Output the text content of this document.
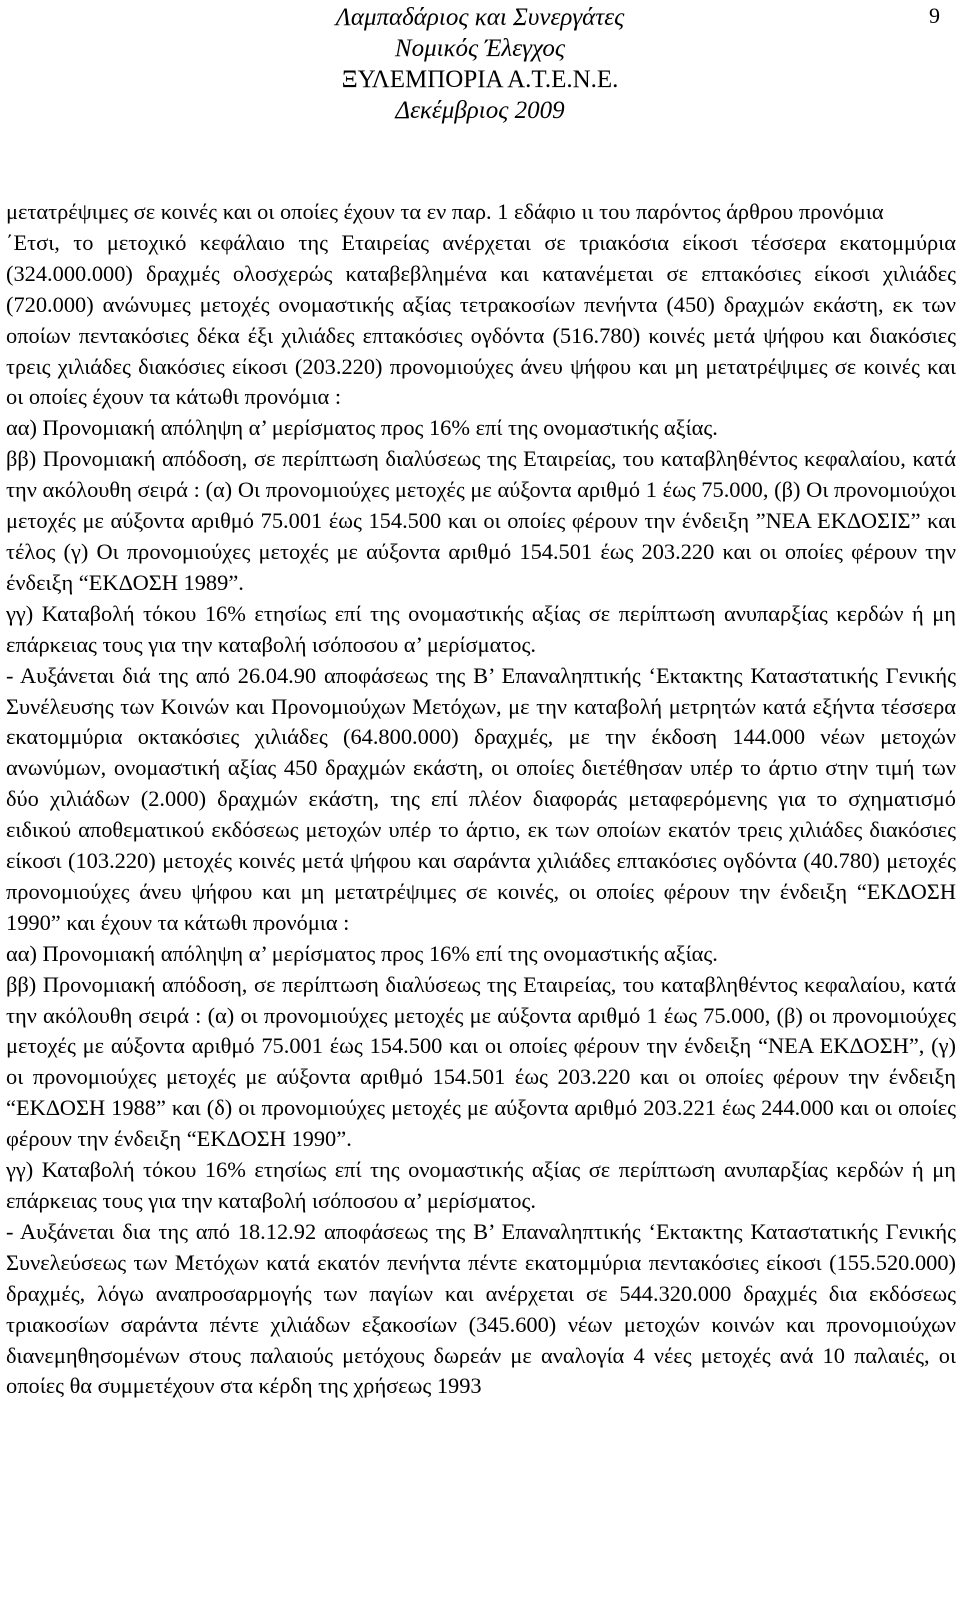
Λαμπαδάριος και Συνεργάτες
Νομικός Έλεγχος
ΞΥΛΕΜΠΟΡΙΑ Α.Τ.Ε.Ν.Ε.
Δεκέμβριος 2009
9

μετατρέψιμες σε κοινές και οι οποίες έχουν τα εν παρ. 1 εδάφιο ιι του παρόντος άρθρου προνόμια

΄Ετσι, το μετοχικό κεφάλαιο της Εταιρείας ανέρχεται σε τριακόσια είκοσι τέσσερα εκατομμύρια (324.000.000) δραχμές ολοσχερώς καταβεβλημένα και κατανέμεται σε επτακόσιες είκοσι χιλιάδες (720.000) ανώνυμες μετοχές ονομαστικής αξίας τετρακοσίων πενήντα (450) δραχμών εκάστη, εκ των οποίων πεντακόσιες δέκα έξι χιλιάδες επτακόσιες ογδόντα (516.780) κοινές μετά ψήφου και διακόσιες τρεις χιλιάδες διακόσιες είκοσι (203.220) προνομιούχες άνευ ψήφου και μη μετατρέψιμες σε κοινές και οι οποίες έχουν τα κάτωθι προνόμια :

αα) Προνομιακή απόληψη α’ μερίσματος προς 16% επί της ονομαστικής αξίας.

ββ) Προνομιακή απόδοση, σε περίπτωση διαλύσεως της Εταιρείας, του καταβληθέντος κεφαλαίου, κατά την ακόλουθη σειρά : (α) Οι προνομιούχες μετοχές με αύξοντα αριθμό 1 έως 75.000, (β) Οι προνομιούχοι μετοχές με αύξοντα αριθμό 75.001 έως 154.500 και οι οποίες φέρουν την ένδειξη ”ΝΕΑ ΕΚΔΟΣΙΣ” και τέλος (γ) Οι προνομιούχες μετοχές με αύξοντα αριθμό 154.501 έως 203.220 και οι οποίες φέρουν την ένδειξη “ΕΚΔΟΣΗ 1989”.

γγ) Καταβολή τόκου 16% ετησίως επί της ονομαστικής αξίας σε περίπτωση ανυπαρξίας κερδών ή μη επάρκειας τους για την καταβολή ισόποσου α’ μερίσματος.

- Αυξάνεται διά της από 26.04.90 αποφάσεως της Β’ Επαναληπτικής ‘Εκτακτης Καταστατικής Γενικής Συνέλευσης των Κοινών και Προνομιούχων Μετόχων, με την καταβολή μετρητών κατά εξήντα τέσσερα εκατομμύρια οκτακόσιες χιλιάδες (64.800.000) δραχμές, με την έκδοση 144.000 νέων μετοχών ανωνύμων, ονομαστική αξίας 450 δραχμών εκάστη, οι οποίες διετέθησαν υπέρ το άρτιο στην τιμή των δύο χιλιάδων (2.000) δραχμών εκάστη, της επί πλέον διαφοράς μεταφερόμενης για το σχηματισμό ειδικού αποθεματικού εκδόσεως μετοχών υπέρ το άρτιο, εκ των οποίων εκατόν τρεις χιλιάδες διακόσιες είκοσι (103.220) μετοχές κοινές μετά ψήφου και σαράντα χιλιάδες επτακόσιες ογδόντα (40.780) μετοχές προνομιούχες άνευ ψήφου και μη μετατρέψιμες σε κοινές, οι οποίες φέρουν την ένδειξη “ΕΚΔΟΣΗ 1990” και έχουν τα κάτωθι προνόμια :

αα) Προνομιακή απόληψη α’ μερίσματος προς 16% επί της ονομαστικής αξίας.

ββ) Προνομιακή απόδοση, σε περίπτωση διαλύσεως της Εταιρείας, του καταβληθέντος κεφαλαίου, κατά την ακόλουθη σειρά : (α) οι προνομιούχες μετοχές με αύξοντα αριθμό 1 έως 75.000, (β) οι προνομιούχες μετοχές με αύξοντα αριθμό 75.001 έως 154.500 και οι οποίες φέρουν την ένδειξη “ΝΕΑ ΕΚΔΟΣΗ”, (γ) οι προνομιούχες μετοχές με αύξοντα αριθμό 154.501 έως 203.220 και οι οποίες φέρουν την ένδειξη “ΕΚΔΟΣΗ 1988” και (δ) οι προνομιούχες μετοχές με αύξοντα αριθμό 203.221 έως 244.000 και οι οποίες φέρουν την ένδειξη “ΕΚΔΟΣΗ 1990”.

γγ) Καταβολή τόκου 16% ετησίως επί της ονομαστικής αξίας σε περίπτωση ανυπαρξίας κερδών ή μη επάρκειας τους για την καταβολή ισόποσου α’ μερίσματος.

- Αυξάνεται δια της από 18.12.92 αποφάσεως της Β’ Επαναληπτικής ‘Εκτακτης Καταστατικής Γενικής Συνελεύσεως των Μετόχων κατά εκατόν πενήντα πέντε εκατομμύρια πεντακόσιες είκοσι (155.520.000) δραχμές, λόγω αναπροσαρμογής των παγίων και ανέρχεται σε 544.320.000 δραχμές δια εκδόσεως τριακοσίων σαράντα πέντε χιλιάδων εξακοσίων (345.600) νέων μετοχών κοινών και προνομιούχων διανεμηθησομένων στους παλαιούς μετόχους δωρεάν με αναλογία 4 νέες μετοχές ανά 10 παλαιές, οι οποίες θα συμμετέχουν στα κέρδη της χρήσεως 1993
